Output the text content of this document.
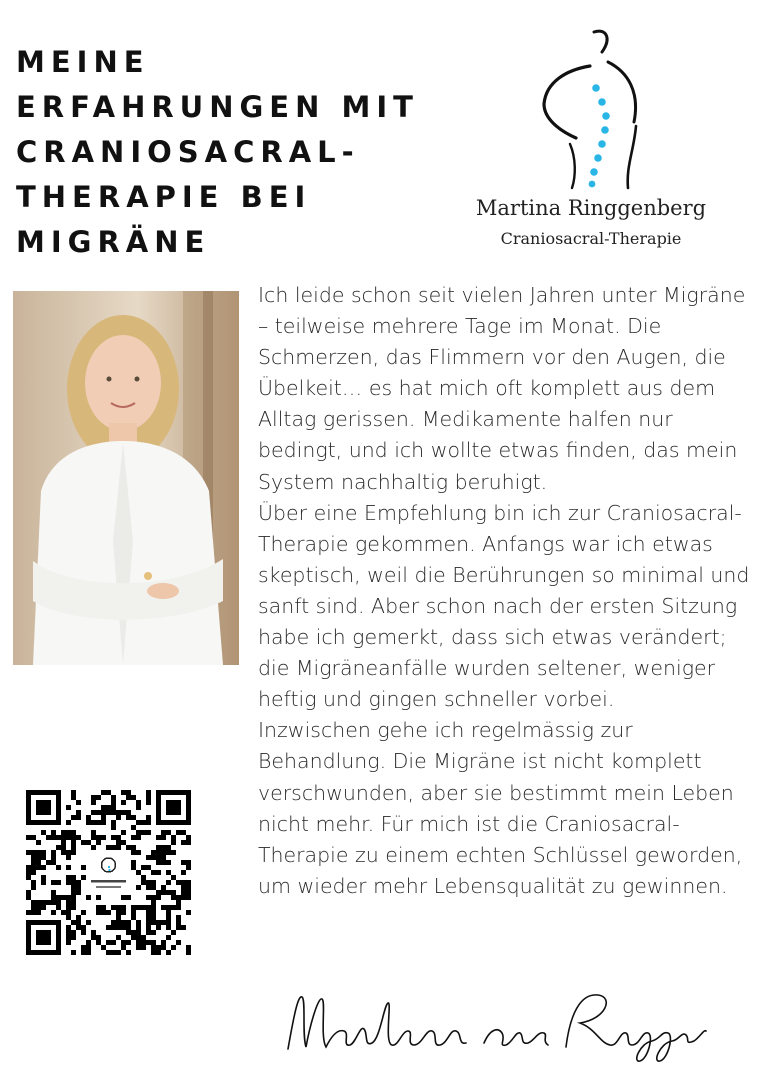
MEINE
ERFAHRUNGEN MIT
CRANIOSACRAL-
THERAPIE BEI
MIGRÄNE
Martina Ringgenberg
Craniosacral-Therapie

Ich leide schon seit vielen Jahren unter Migräne – teilweise mehrere Tage im Monat. Die Schmerzen, das Flimmern vor den Augen, die Übelkeit… es hat mich oft komplett aus dem Alltag gerissen. Medikamente halfen nur bedingt, und ich wollte etwas finden, das mein System nachhaltig beruhigt.

Über eine Empfehlung bin ich zur Craniosacral-Therapie gekommen. Anfangs war ich etwas skeptisch, weil die Berührungen so minimal und sanft sind. Aber schon nach der ersten Sitzung habe ich gemerkt, dass sich etwas verändert; die Migräneanfälle wurden seltener, weniger heftig und gingen schneller vorbei.

Inzwischen gehe ich regelmässig zur Behandlung. Die Migräne ist nicht komplett verschwunden, aber sie bestimmt mein Leben nicht mehr. Für mich ist die Craniosacral-Therapie zu einem echten Schlüssel geworden, um wieder mehr Lebensqualität zu gewinnen.
